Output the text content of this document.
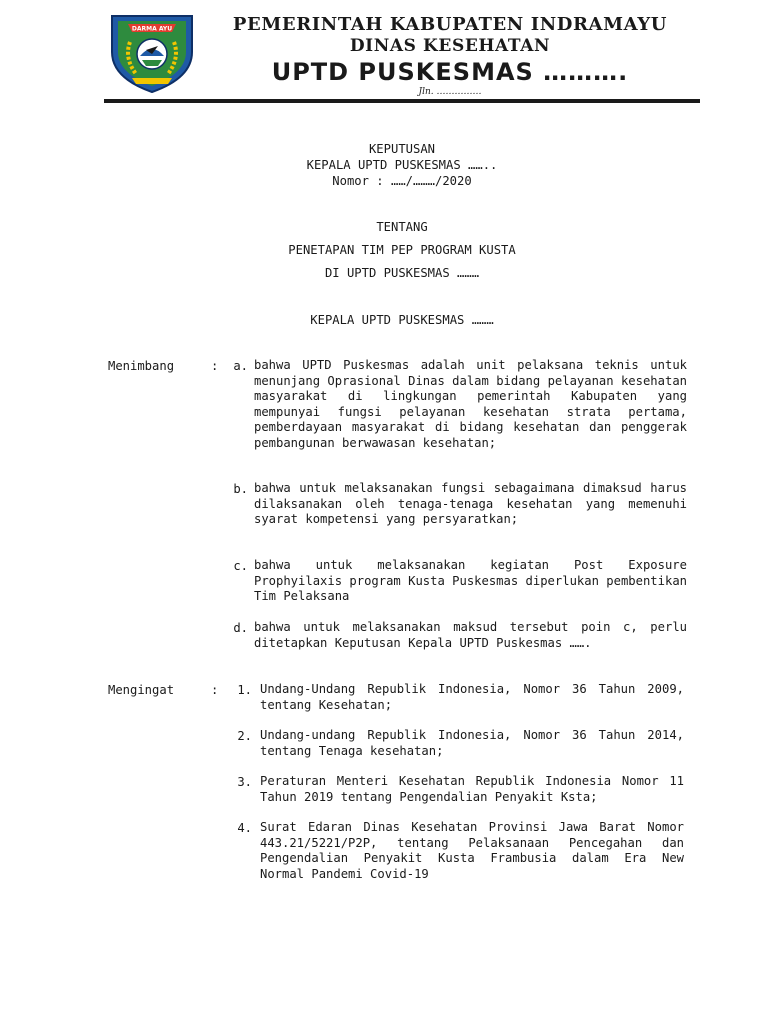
DARMA AYU	PEMERINTAH KABUPATEN INDRAMAYU
DINAS KESEHATAN
UPTD PUSKESMAS ……….
Jln. ……………
KEPUTUSAN
KEPALA UPTD PUSKESMAS ……..
Nomor : ……/………/2020
TENTANG
PENETAPAN TIM PEP PROGRAM KUSTA
DI UPTD PUSKESMAS ………
KEPALA UPTD PUSKESMAS ………
Menimbang	:	a. bahwa UPTD Puskesmas adalah unit pelaksana teknis untuk menunjang Oprasional Dinas dalam bidang pelayanan kesehatan masyarakat di lingkungan pemerintah Kabupaten yang mempunyai fungsi pelayanan kesehatan strata pertama, pemberdayaan masyarakat di bidang kesehatan dan penggerak pembangunan berwawasan kesehatan;
b. bahwa untuk melaksanakan fungsi sebagaimana dimaksud harus dilaksanakan oleh tenaga-tenaga kesehatan yang memenuhi syarat kompetensi yang persyaratkan;
c. bahwa untuk melaksanakan kegiatan Post Exposure Prophyilaxis program Kusta Puskesmas diperlukan pembentikan Tim Pelaksana
d. bahwa untuk melaksanakan maksud tersebut poin c, perlu ditetapkan Keputusan Kepala UPTD Puskesmas …….
Mengingat	:	1. Undang-Undang Republik Indonesia, Nomor 36 Tahun 2009, tentang Kesehatan;
2. Undang-undang Republik Indonesia, Nomor 36 Tahun 2014, tentang Tenaga kesehatan;
3. Peraturan Menteri Kesehatan Republik Indonesia Nomor 11 Tahun 2019 tentang Pengendalian Penyakit Ksta;
4. Surat Edaran Dinas Kesehatan Provinsi Jawa Barat Nomor 443.21/5221/P2P, tentang Pelaksanaan Pencegahan dan Pengendalian Penyakit Kusta Frambusia dalam Era New Normal Pandemi Covid-19
